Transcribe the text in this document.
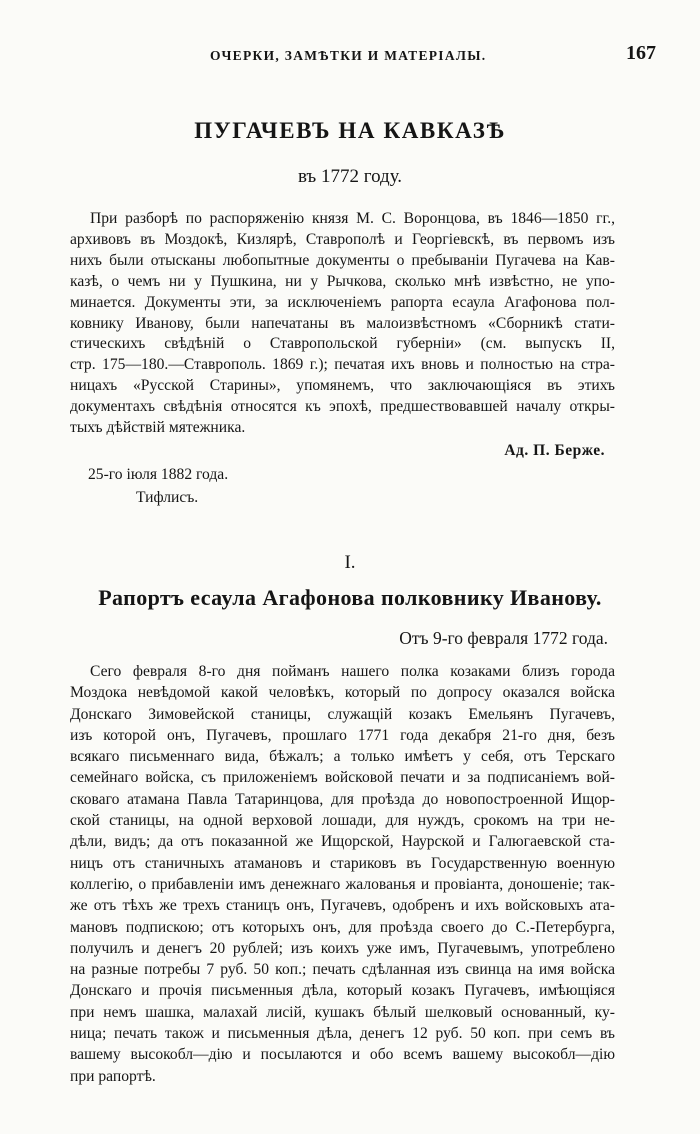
ОЧЕРКИ, ЗАМѢТКИ И МАТЕРІАЛЫ.	167
ПУГАЧЕВЪ НА КАВКАЗѢ
въ 1772 году.
При разборѣ по распоряженію князя М. С. Воронцова, въ 1846—1850 гг.,
архивовъ въ Моздокѣ, Кизлярѣ, Ставрополѣ и Георгіевскѣ, въ первомъ изъ
нихъ были отысканы любопытные документы о пребываніи Пугачева на Кав-
казѣ, о чемъ ни у Пушкина, ни у Рычкова, сколько мнѣ извѣстно, не упо-
минается. Документы эти, за исключеніемъ рапорта есаула Агафонова пол-
ковнику Иванову, были напечатаны въ малоизвѣстномъ «Сборникѣ стати-
стическихъ свѣдѣній о Ставропольской губерніи» (см. выпускъ II,
стр. 175—180.—Ставрополь. 1869 г.); печатая ихъ вновь и полностью на стра-
ницахъ «Русской Старины», упомянемъ, что заключающіяся въ этихъ
документахъ свѣдѣнія относятся къ эпохѣ, предшествовавшей началу откры-
тыхъ дѣйствій мятежника.
Ад. П. Берже.
25-го іюля 1882 года.
Тифлисъ.
I.
Рапортъ есаула Агафонова полковнику Иванову.
Отъ 9-го февраля 1772 года.
Сего февраля 8-го дня пойманъ нашего полка козаками близъ города
Моздока невѣдомой какой человѣкъ, который по допросу оказался войска
Донскаго Зимовейской станицы, служащій козакъ Емельянъ Пугачевъ,
изъ которой онъ, Пугачевъ, прошлаго 1771 года декабря 21-го дня, безъ
всякаго письменнаго вида, бѣжалъ; а только имѣетъ у себя, отъ Терскаго
семейнаго войска, съ приложеніемъ войсковой печати и за подписаніемъ вой-
сковаго атамана Павла Татаринцова, для проѣзда до новопостроенной Ищор-
ской станицы, на одной верховой лошади, для нуждъ, срокомъ на три не-
дѣли, видъ; да отъ показанной же Ищорской, Наурской и Галюгаевской ста-
ницъ отъ станичныхъ атамановъ и стариковъ въ Государственную военную
коллегію, о прибавленіи имъ денежнаго жалованья и провіанта, доношеніе; так-
же отъ тѣхъ же трехъ станицъ онъ, Пугачевъ, одобренъ и ихъ войсковыхъ ата-
мановъ подпискою; отъ которыхъ онъ, для проѣзда своего до С.-Петербурга,
получилъ и денегъ 20 рублей; изъ коихъ уже имъ, Пугачевымъ, употреблено
на разные потребы 7 руб. 50 коп.; печать сдѣланная изъ свинца на имя войска
Донскаго и прочія письменныя дѣла, который козакъ Пугачевъ, имѣющіяся
при немъ шашка, малахай лисій, кушакъ бѣлый шелковый основанный, ку-
ница; печать також и письменныя дѣла, денегъ 12 руб. 50 коп. при семъ въ
вашему высокобл—дію и посылаются и обо всемъ вашему высокобл—дію
при рапортѣ.
